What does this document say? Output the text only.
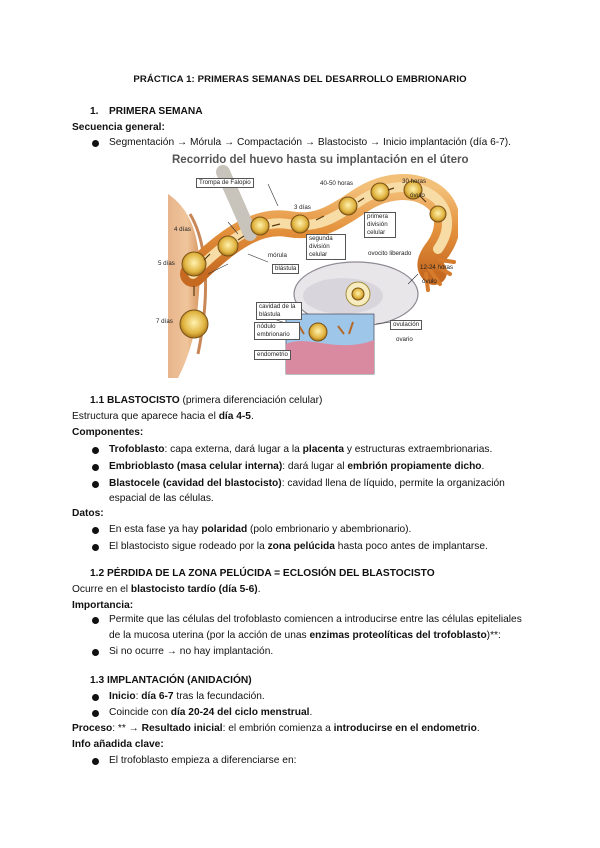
PRÁCTICA 1: PRIMERAS SEMANAS DEL DESARROLLO EMBRIONARIO
1. PRIMERA SEMANA
Secuencia general:
Segmentación → Mórula → Compactación → Blastocisto → Inicio implantación (día 6-7).
Recorrido del huevo hasta su implantación en el útero
Trompa de Falopio	40-50 horas	30 horas
3 días
primera división celular
óvulo
4 días
segunda división celular
mórula
5 días
blástula
ovocito liberado
12-24 horas
óvulo
7 días
cavidad de la blástula
nódulo embrionario
endometrio
ovulación
ovario
1.1 BLASTOCISTO (primera diferenciación celular)
Estructura que aparece hacia el día 4-5.
Componentes:
Trofoblasto: capa externa, dará lugar a la placenta y estructuras extraembrionarias.
Embrioblasto (masa celular interna): dará lugar al embrión propiamente dicho.
Blastocele (cavidad del blastocisto): cavidad llena de líquido, permite la organización
espacial de las células.
Datos:
En esta fase ya hay polaridad (polo embrionario y abembrionario).
El blastocisto sigue rodeado por la zona pelúcida hasta poco antes de implantarse.
1.2 PÉRDIDA DE LA ZONA PELÚCIDA = ECLOSIÓN DEL BLASTOCISTO
Ocurre en el blastocisto tardío (día 5-6).
Importancia:
Permite que las células del trofoblasto comiencen a introducirse entre las células epiteliales
de la mucosa uterina (por la acción de unas enzimas proteolíticas del trofoblasto)**:
Si no ocurre → no hay implantación.
1.3 IMPLANTACIÓN (ANIDACIÓN)
Inicio: día 6-7 tras la fecundación.
Coincide con día 20-24 del ciclo menstrual.
Proceso: ** → Resultado inicial: el embrión comienza a introducirse en el endometrio.
Info añadida clave:
El trofoblasto empieza a diferenciarse en:
